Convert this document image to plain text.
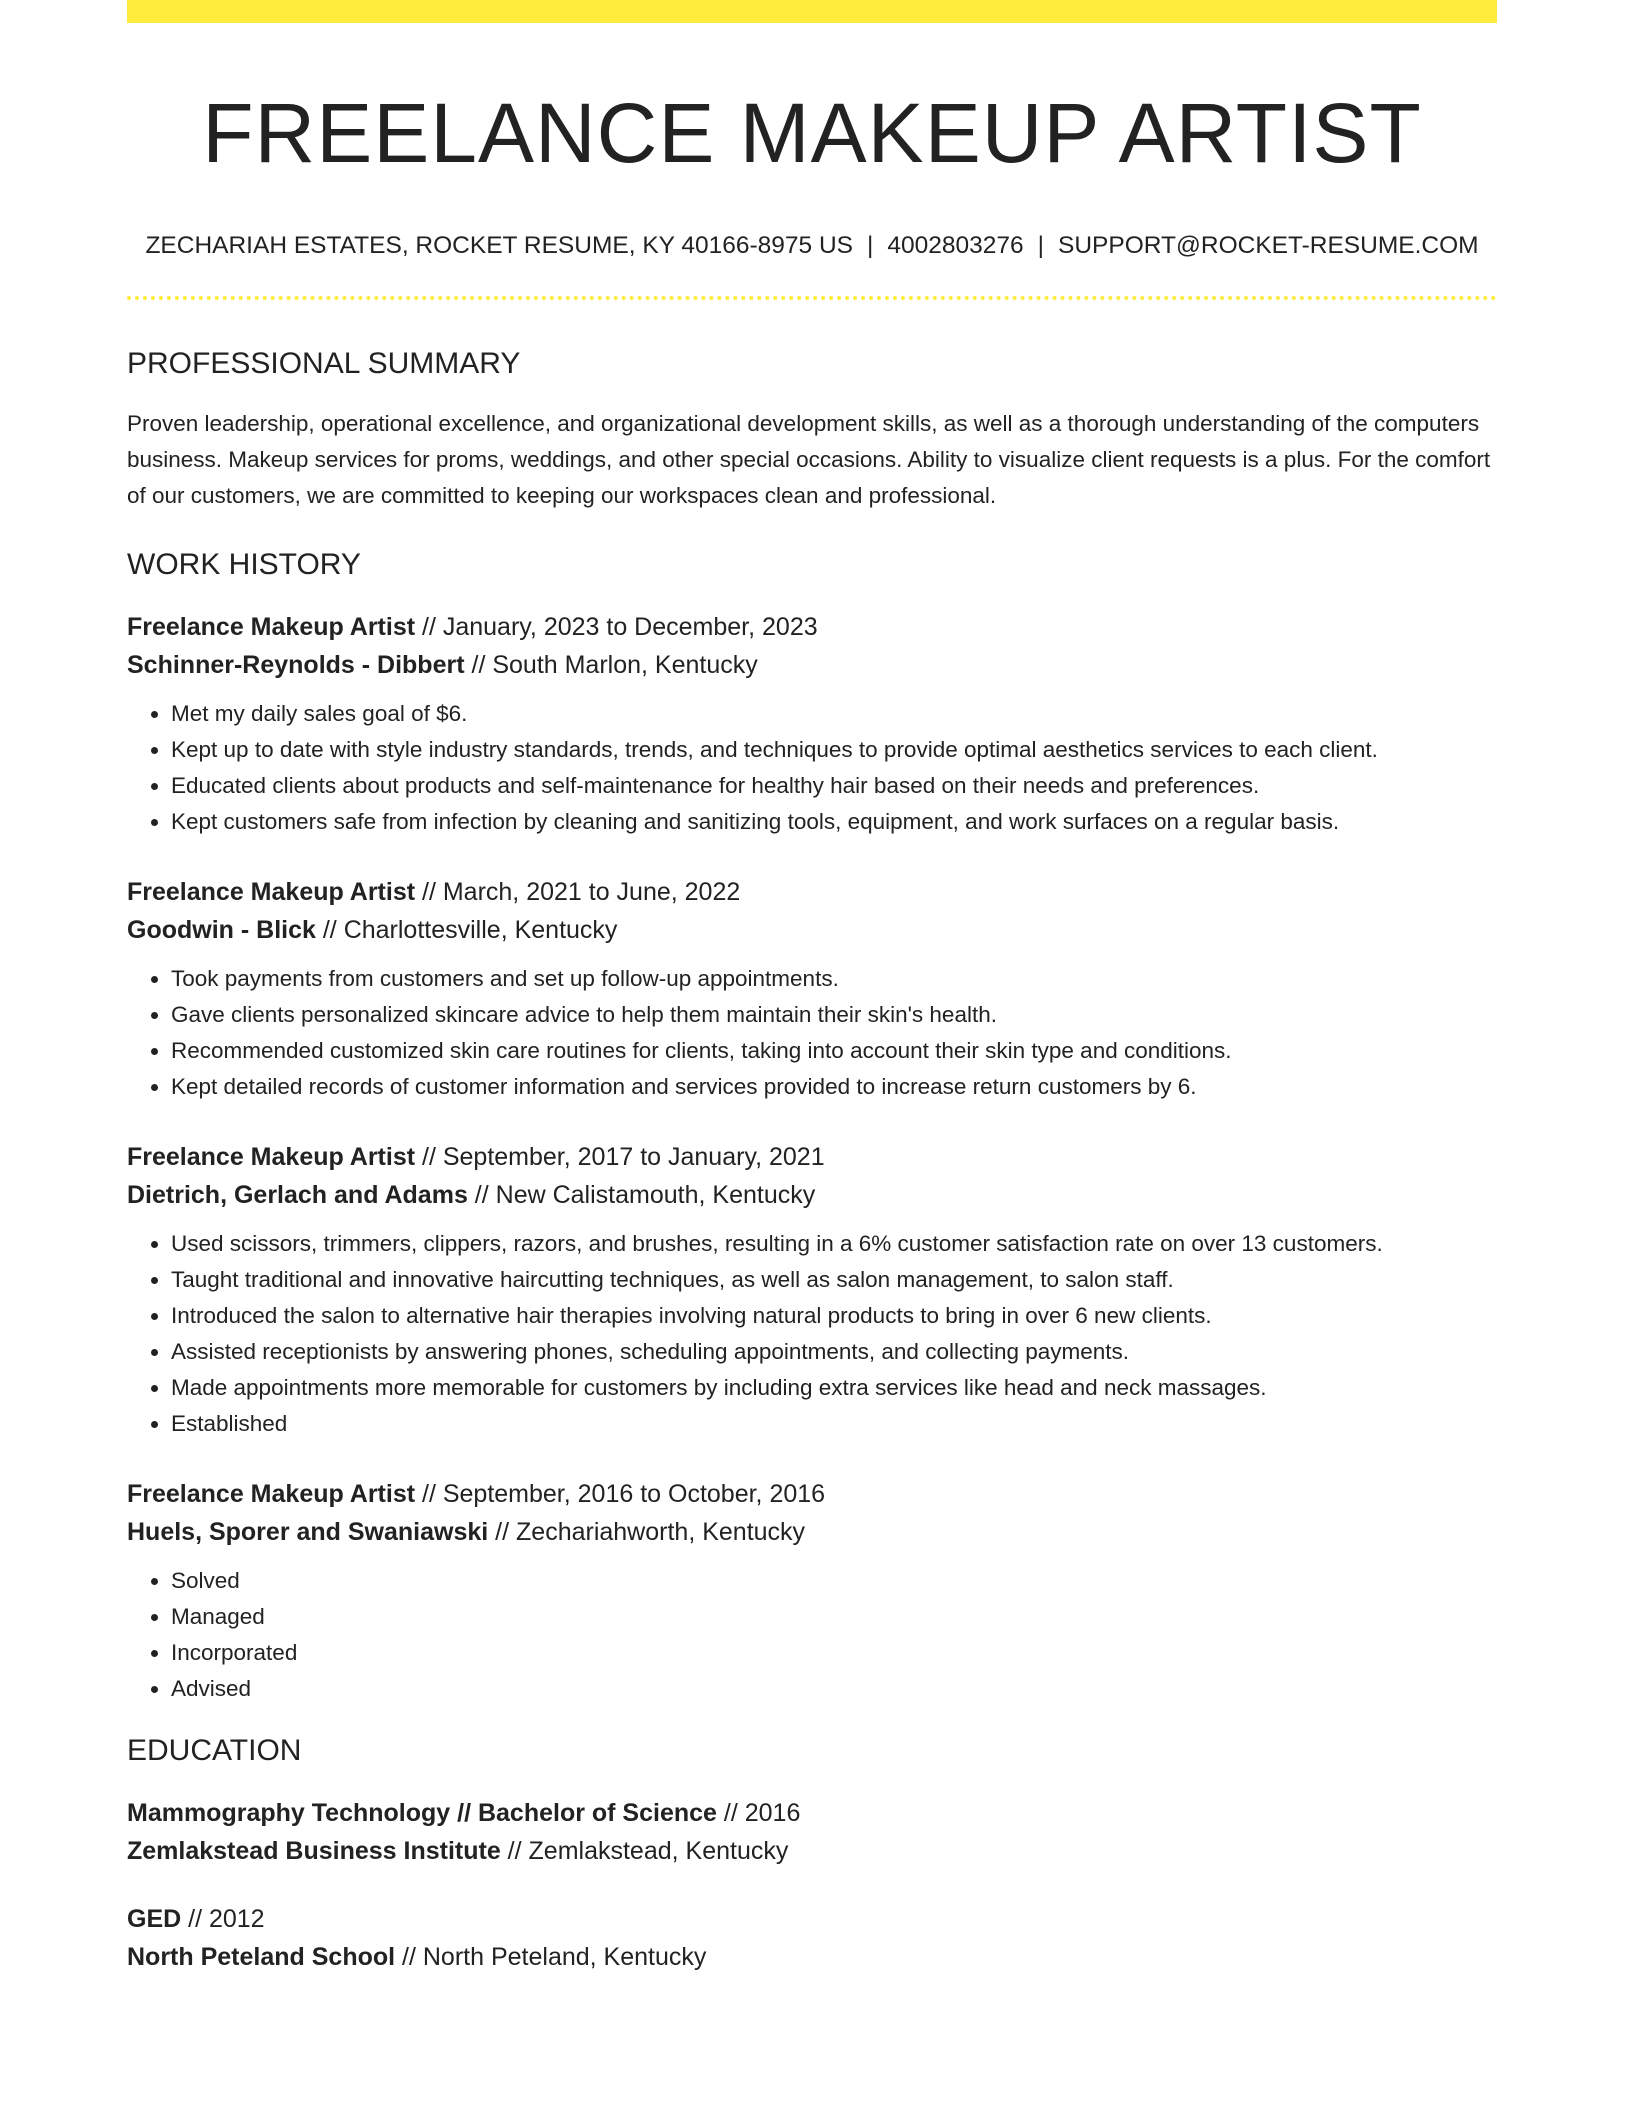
FREELANCE MAKEUP ARTIST
ZECHARIAH ESTATES, ROCKET RESUME, KY 40166-8975 US | 4002803276 | SUPPORT@ROCKET-RESUME.COM
PROFESSIONAL SUMMARY

Proven leadership, operational excellence, and organizational development skills, as well as a thorough understanding of the computers business. Makeup services for proms, weddings, and other special occasions. Ability to visualize client requests is a plus. For the comfort of our customers, we are committed to keeping our workspaces clean and professional.

WORK HISTORY
Freelance Makeup Artist // January, 2023 to December, 2023
Schinner-Reynolds - Dibbert // South Marlon, Kentucky
• Met my daily sales goal of $6.
• Kept up to date with style industry standards, trends, and techniques to provide optimal aesthetics services to each client.
• Educated clients about products and self-maintenance for healthy hair based on their needs and preferences.
• Kept customers safe from infection by cleaning and sanitizing tools, equipment, and work surfaces on a regular basis.
Freelance Makeup Artist // March, 2021 to June, 2022
Goodwin - Blick // Charlottesville, Kentucky
• Took payments from customers and set up follow-up appointments.
• Gave clients personalized skincare advice to help them maintain their skin's health.
• Recommended customized skin care routines for clients, taking into account their skin type and conditions.
• Kept detailed records of customer information and services provided to increase return customers by 6.
Freelance Makeup Artist // September, 2017 to January, 2021
Dietrich, Gerlach and Adams // New Calistamouth, Kentucky
• Used scissors, trimmers, clippers, razors, and brushes, resulting in a 6% customer satisfaction rate on over 13 customers.
• Taught traditional and innovative haircutting techniques, as well as salon management, to salon staff.
• Introduced the salon to alternative hair therapies involving natural products to bring in over 6 new clients.
• Assisted receptionists by answering phones, scheduling appointments, and collecting payments.
• Made appointments more memorable for customers by including extra services like head and neck massages.
• Established
Freelance Makeup Artist // September, 2016 to October, 2016
Huels, Sporer and Swaniawski // Zechariahworth, Kentucky
• Solved
• Managed
• Incorporated
• Advised
EDUCATION
Mammography Technology // Bachelor of Science // 2016
Zemlakstead Business Institute // Zemlakstead, Kentucky
GED // 2012
North Peteland School // North Peteland, Kentucky
